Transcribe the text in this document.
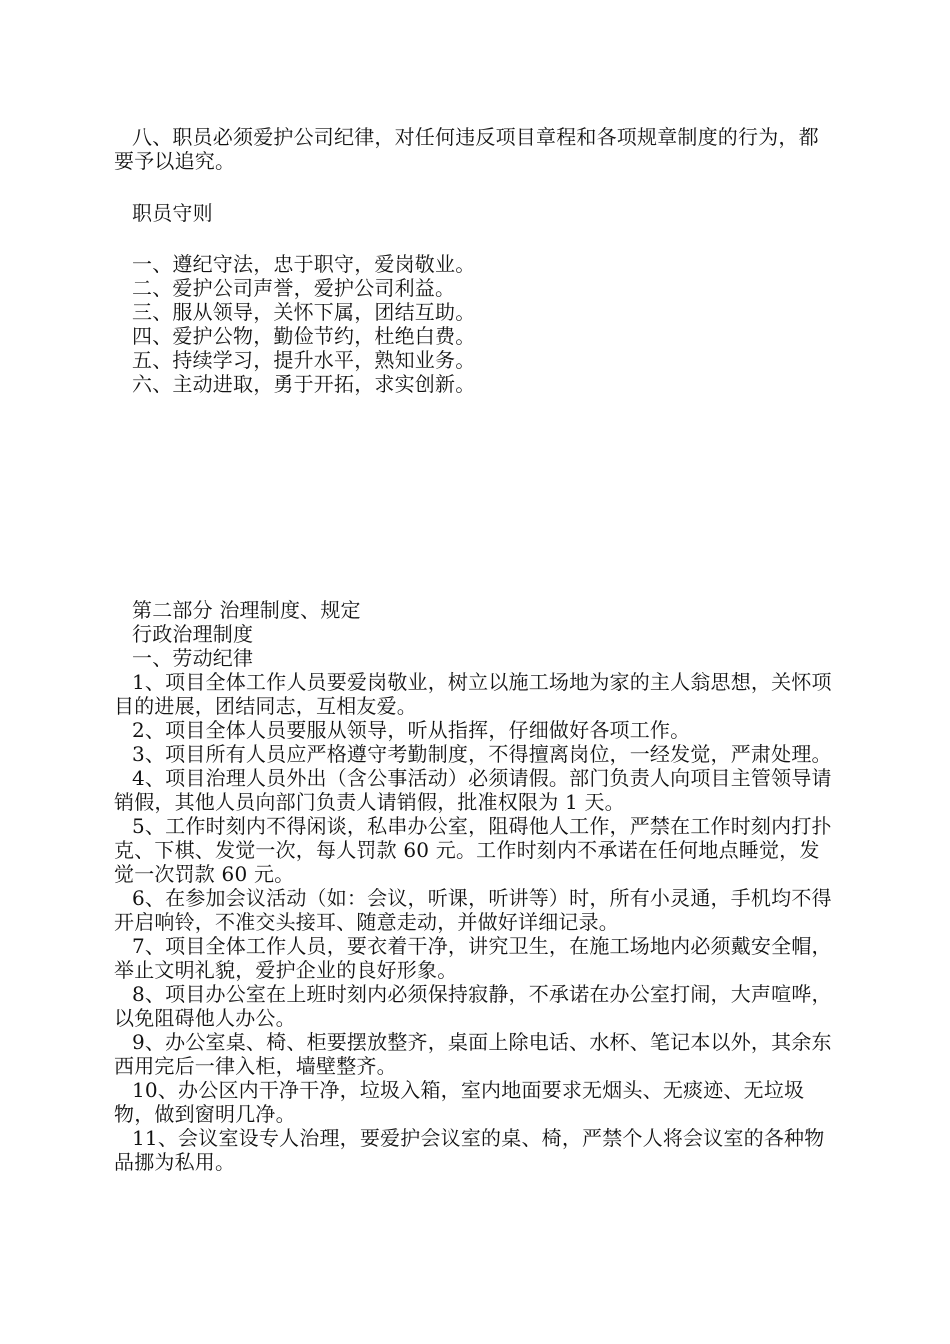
八、职员必须爱护公司纪律，对任何违反项目章程和各项规章制度的行为，都要予以追究。

职员守则

一、遵纪守法，忠于职守，爱岗敬业。

二、爱护公司声誉，爱护公司利益。

三、服从领导，关怀下属，团结互助。

四、爱护公物，勤俭节约，杜绝白费。

五、持续学习，提升水平，熟知业务。

六、主动进取，勇于开拓，求实创新。

第二部分 治理制度、规定

行政治理制度

一、劳动纪律

1、项目全体工作人员要爱岗敬业，树立以施工场地为家的主人翁思想，关怀项目的进展，团结同志，互相友爱。

2、项目全体人员要服从领导，听从指挥，仔细做好各项工作。

3、项目所有人员应严格遵守考勤制度，不得擅离岗位，一经发觉，严肃处理。

4、项目治理人员外出（含公事活动）必须请假。部门负责人向项目主管领导请销假，其他人员向部门负责人请销假，批准权限为 1 天。

5、工作时刻内不得闲谈，私串办公室，阻碍他人工作，严禁在工作时刻内打扑克、下棋、发觉一次，每人罚款 60 元。工作时刻内不承诺在任何地点睡觉，发觉一次罚款 60 元。

6、在参加会议活动（如：会议，听课，听讲等）时，所有小灵通，手机均不得开启响铃，不准交头接耳、随意走动，并做好详细记录。

7、项目全体工作人员，要衣着干净，讲究卫生，在施工场地内必须戴安全帽，举止文明礼貌，爱护企业的良好形象。

8、项目办公室在上班时刻内必须保持寂静，不承诺在办公室打闹，大声喧哗，以免阻碍他人办公。

9、办公室桌、椅、柜要摆放整齐，桌面上除电话、水杯、笔记本以外，其余东西用完后一律入柜，墙壁整齐。

10、办公区内干净干净，垃圾入箱，室内地面要求无烟头、无痰迹、无垃圾物，做到窗明几净。

11、会议室设专人治理，要爱护会议室的桌、椅，严禁个人将会议室的各种物品挪为私用。
